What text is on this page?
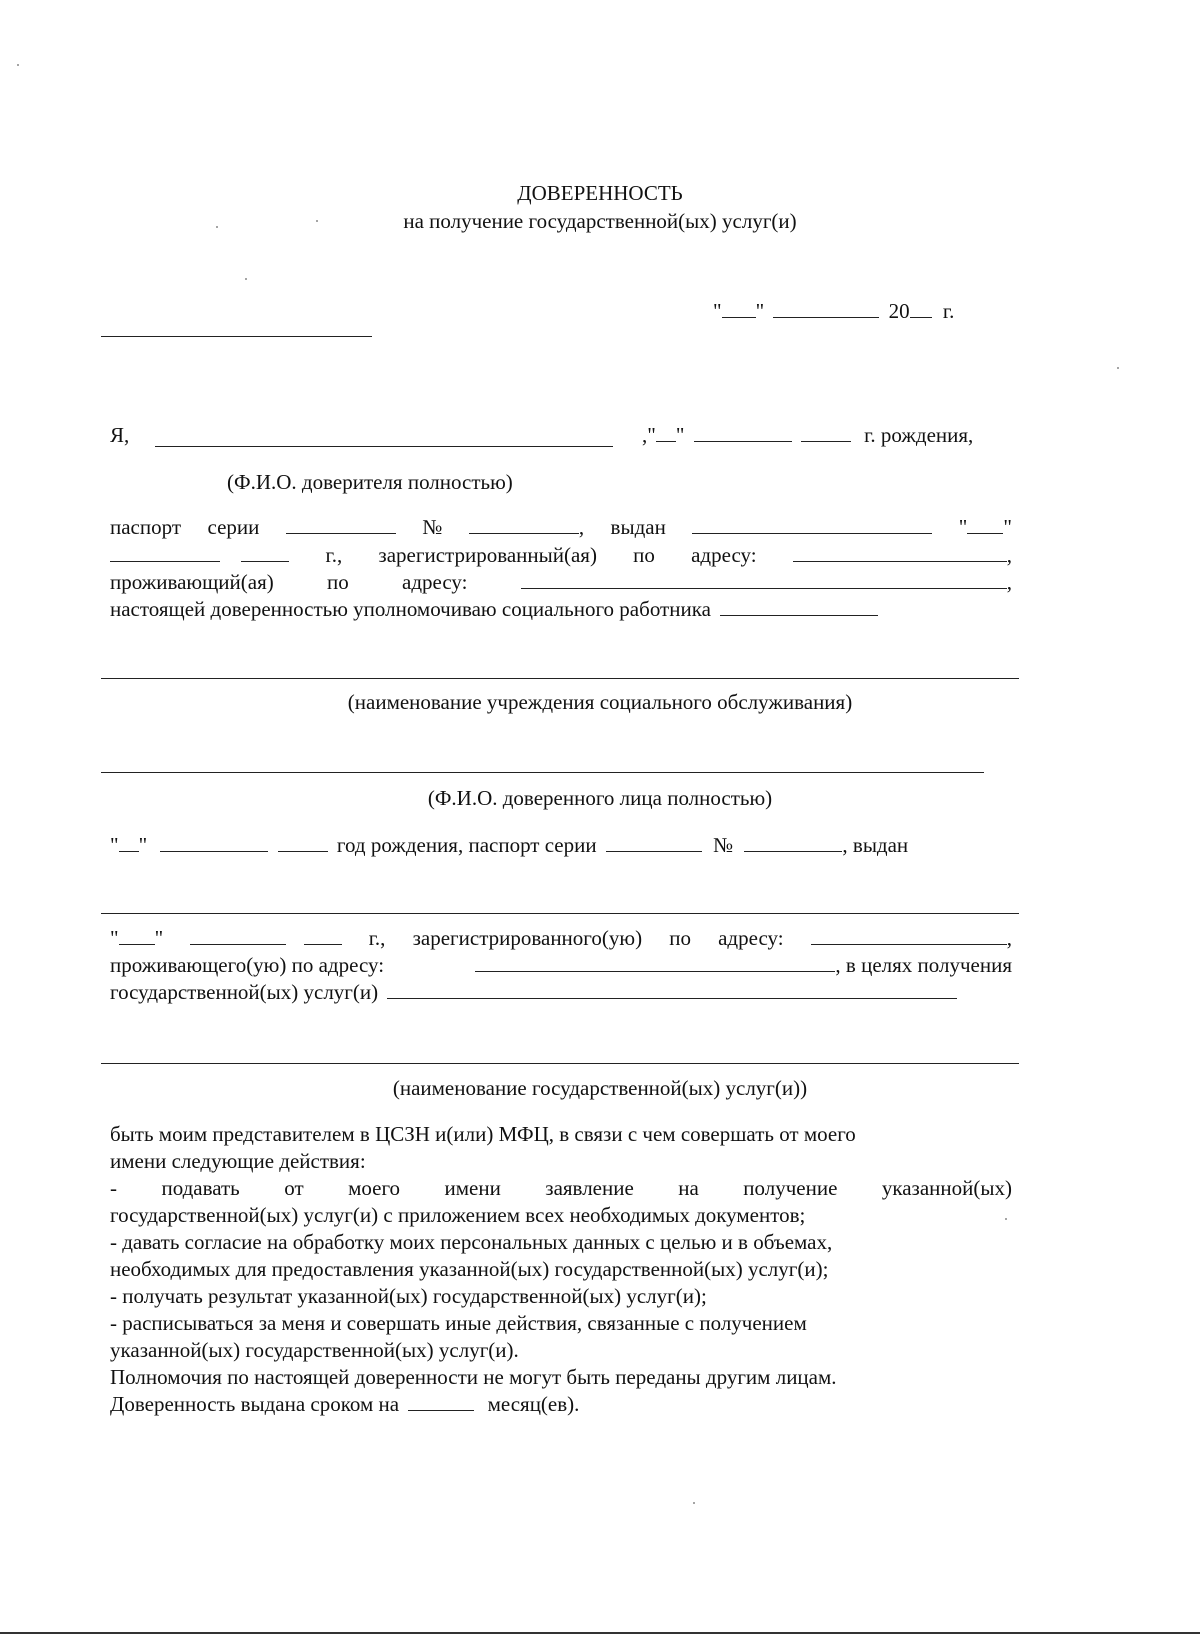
ДОВЕРЕННОСТЬ
на получение государственной(ых) услуг(и)
" "	20 г.
Я,	," "	г. рождения,
(Ф.И.О. доверителя полностью)
паспорт серии	№	, выдан	" "

г., зарегистрированный(ая) по адресу:	,
проживающий(ая)	по	адресу:	,
настоящей доверенностью уполномочиваю социального работника
(наименование учреждения социального обслуживания)
(Ф.И.О. доверенного лица полностью)
" "	год рождения, паспорт серии	№	, выдан
" "
	г., зарегистрированного(ую) по адресу:	,
проживающего(ую) по адресу:	, в целях получения
государственной(ых) услуг(и)
(наименование государственной(ых) услуг(и))
быть моим представителем в ЦСЗН и(или) МФЦ, в связи с чем совершать от моего
имени следующие действия:
- подавать от моего имени заявление на получение указанной(ых)
государственной(ых) услуг(и) с приложением всех необходимых документов;
- давать согласие на обработку моих персональных данных с целью и в объемах,
необходимых для предоставления указанной(ых) государственной(ых) услуг(и);
- получать результат указанной(ых) государственной(ых) услуг(и);
- расписываться за меня и совершать иные действия, связанные с получением
указанной(ых) государственной(ых) услуг(и).
Полномочия по настоящей доверенности не могут быть переданы другим лицам.
Доверенность выдана сроком на	месяц(ев).
